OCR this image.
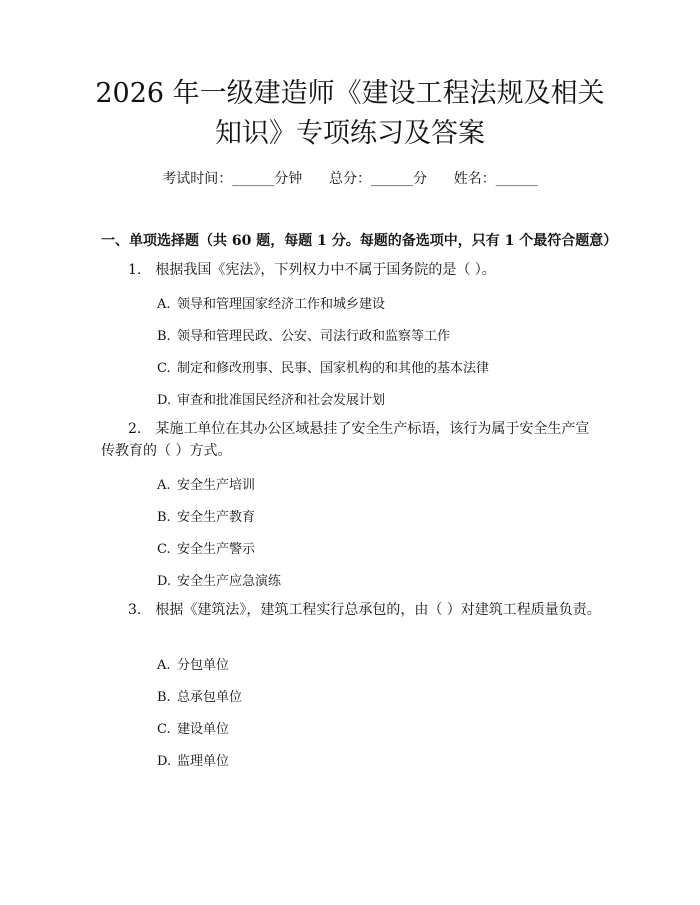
2026 年一级建造师《建设工程法规及相关知识》专项练习及答案
考试时间：______分钟      总分：______分      姓名：______
一、单项选择题（共 60 题，每题 1 分。每题的备选项中，只有 1 个最符合题意）
1. 根据我国《宪法》，下列权力中不属于国务院的是（ ）。
A. 领导和管理国家经济工作和城乡建设
B. 领导和管理民政、公安、司法行政和监察等工作
C. 制定和修改刑事、民事、国家机构的和其他的基本法律
D. 审查和批准国民经济和社会发展计划
2. 某施工单位在其办公区域悬挂了安全生产标语，该行为属于安全生产宣传教育的（ ）方式。
A. 安全生产培训
B. 安全生产教育
C. 安全生产警示
D. 安全生产应急演练
3. 根据《建筑法》，建筑工程实行总承包的，由（ ）对建筑工程质量负责。
A. 分包单位
B. 总承包单位
C. 建设单位
D. 监理单位
